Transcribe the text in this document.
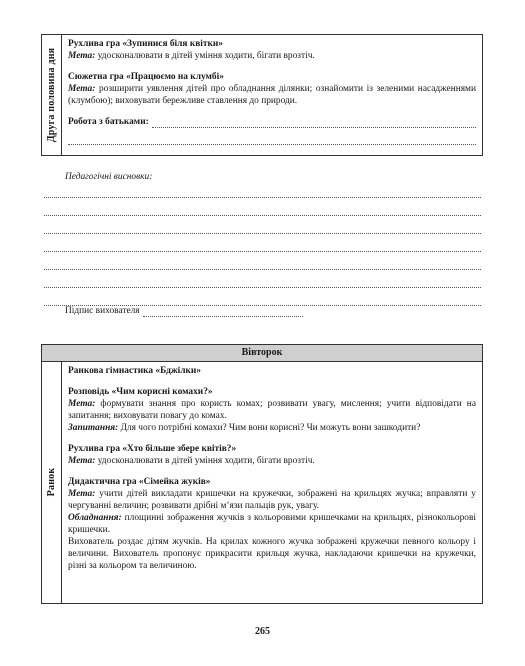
Друга половина дня
Рухлива гра «Зупинися біля квітки»
Мета: удосконалювати в дітей уміння ходити, бігати врозтіч.
Сюжетна гра «Працюємо на клумбі»
Мета: розширити уявлення дітей про обладнання ділянки; ознайомити із зеленими насадженнями (клумбою); виховувати бережливе ставлення до природи.
Робота з батьками:
Педагогічні висновки:
Підпис вихователя
Вівторок
Ранок
Ранкова гімнастика «Бджілки»
Розповідь «Чим корисні комахи?»
Мета: формувати знання про користь комах; розвивати увагу, мислення; учити відповідати на запитання; виховувати повагу до комах.
Запитання: Для чого потрібні комахи? Чим вони корисні? Чи можуть вони зашкодити?
Рухлива гра «Хто більше збере квітів?»
Мета: удосконалювати в дітей уміння ходити, бігати врозтіч.
Дидактична гра «Сімейка жуків»
Мета: учити дітей викладати кришечки на кружечки, зображені на крильцях жучка; вправляти у чергуванні величин; розвивати дрібні м’язи пальців рук, увагу.
Обладнання: площинні зображення жучків з кольоровими кришечками на крильцях, різнокольорові кришечки.
Вихователь роздає дітям жучків. На крилах кожного жучка зображені кружечки певного кольору і величини. Вихователь пропонує прикрасити крильця жучка, накладаючи кришечки на кружечки, різні за кольором та величиною.
265
